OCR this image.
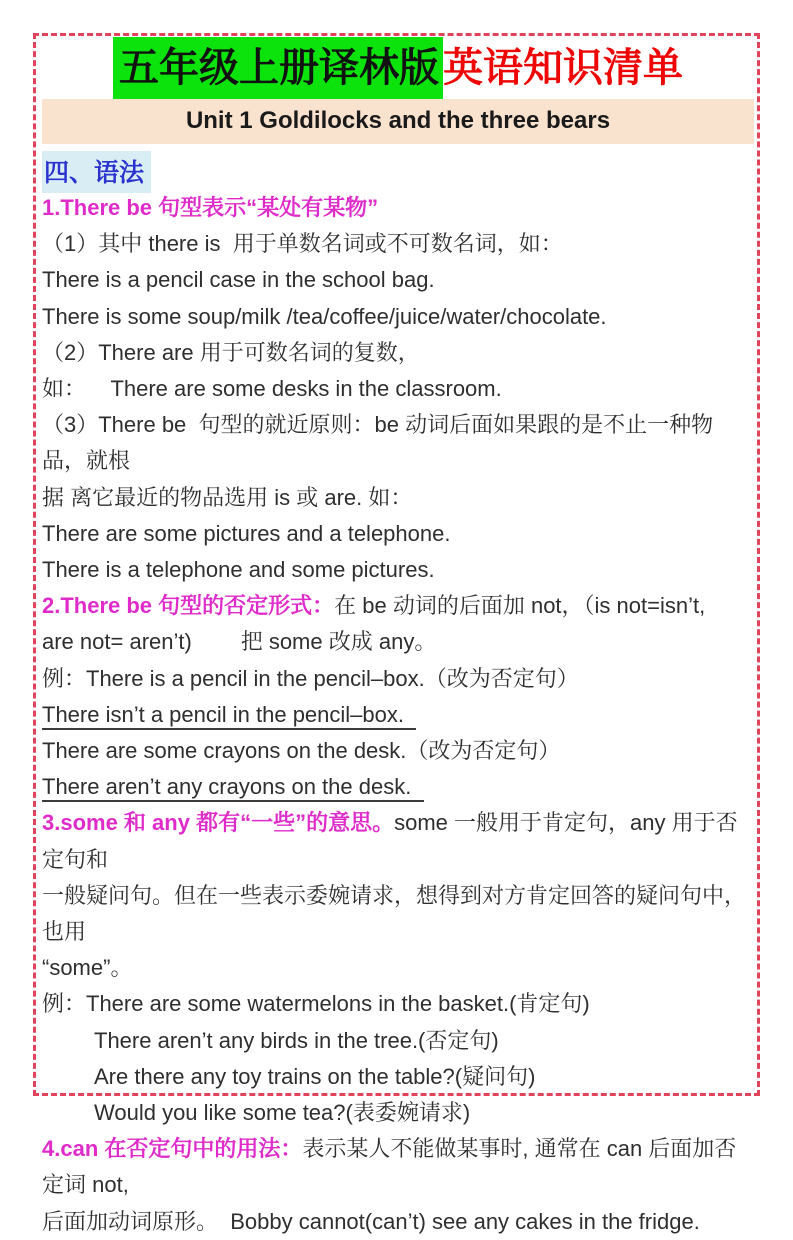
五年级上册译林版 英语知识清单
Unit 1 Goldilocks and the three bears
四、语法
1.There be 句型表示“某处有某物”
（1）其中 there is  用于单数名词或不可数名词，如：
There is a pencil case in the school bag.
There is some soup/milk /tea/coffee/juice/water/chocolate.
（2）There are 用于可数名词的复数，
如：    There are some desks in the classroom.
（3）There be  句型的就近原则：be 动词后面如果跟的是不止一种物品，就根
据 离它最近的物品选用 is 或 are. 如：
There are some pictures and a telephone.
There is a telephone and some pictures.
2.There be 句型的否定形式：在 be 动词的后面加 not，（is not=isn’t,
are not= aren’t)        把 some 改成 any。
例：There is a pencil in the pencil–box.（改为否定句）
There isn’t a pencil in the pencil–box.
There are some crayons on the desk.（改为否定句）
There aren’t any crayons on the desk.
3.some 和 any 都有“一些”的意思。some 一般用于肯定句，any 用于否定句和
一般疑问句。但在一些表示委婉请求，想得到对方肯定回答的疑问句中，也用
“some”。
例：There are some watermelons in the basket.(肯定句)
There aren’t any birds in the tree.(否定句)
Are there any toy trains on the table?(疑问句)
Would you like some tea?(表委婉请求)
4.can 在否定句中的用法：表示某人不能做某事时, 通常在 can 后面加否定词 not,
后面加动词原形。  Bobby cannot(can’t) see any cakes in the fridge.
